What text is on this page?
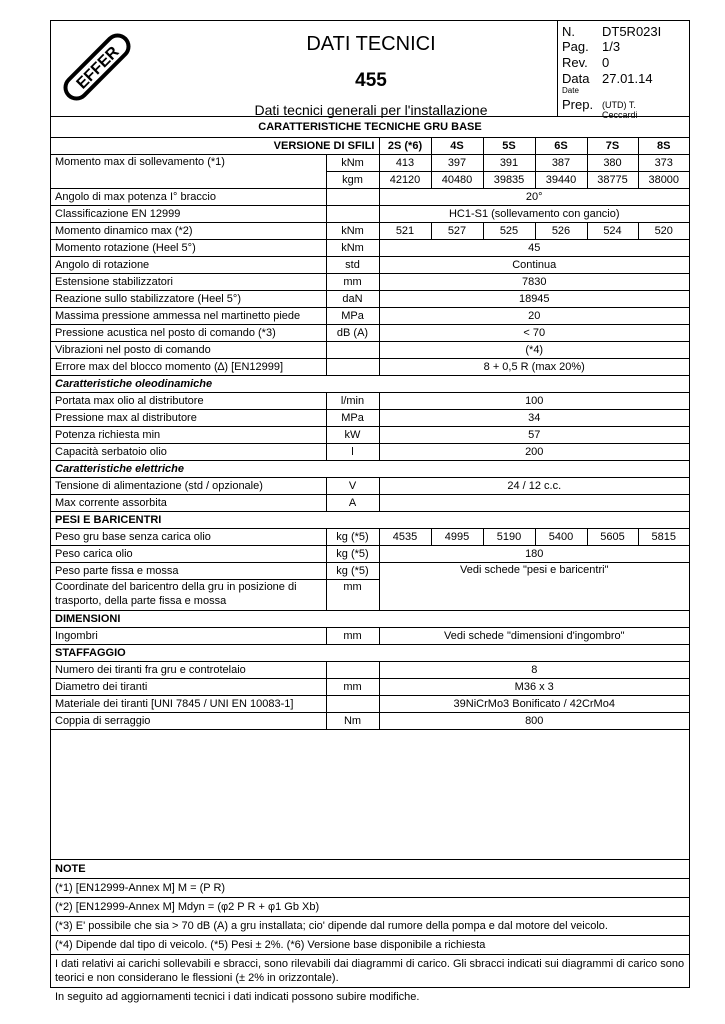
EFFER	DATI TECNICI
455
Dati tecnici generali per l'installazione
N. DT5R023I
Pag. 1/3
Rev. 0
Data 27.01.14
Date
Prep. (UTD) T. Ceccardi
CARATTERISTICHE TECNICHE GRU BASE							
VERSIONE DI SFILI		2S (*6)	4S	5S	6S	7S	8S
Momento max di sollevamento (*1)	kNm	413	397	391	387	380	373
	kgm	42120	40480	39835	39440	38775	38000
Angolo di max potenza I° braccio		20°					
Classificazione EN 12999		HC1-S1 (sollevamento con gancio)					
Momento dinamico max (*2)	kNm	521	527	525	526	524	520
Momento rotazione (Heel 5°)	kNm	45					
Angolo di rotazione	std	Continua					
Estensione stabilizzatori	mm	7830					
Reazione sullo stabilizzatore (Heel 5°)	daN	18945					
Massima pressione ammessa nel martinetto piede	MPa	20					
Pressione acustica nel posto di comando (*3)	dB (A)	< 70					
Vibrazioni nel posto di comando		(*4)					
Errore max del blocco momento (∆) [EN12999]		8 + 0,5 R (max 20%)					
Caratteristiche oleodinamiche							
Portata max olio al distributore	l/min	100					
Pressione max al distributore	MPa	34					
Potenza richiesta min	kW	57					
Capacità serbatoio olio	l	200					
Caratteristiche elettriche							
Tensione di alimentazione (std / opzionale)	V	24 / 12 c.c.					
Max corrente assorbita	A						
PESI E BARICENTRI							
Peso gru base senza carica olio	kg (*5)	4535	4995	5190	5400	5605	5815
Peso carica olio	kg (*5)	180					
Peso parte fissa e mossa	kg (*5)	Vedi schede "pesi e baricentri"					
Coordinate del baricentro della gru in posizione di
trasporto, della parte fissa e mossa	mm						
DIMENSIONI							
Ingombri	mm	Vedi schede "dimensioni d'ingombro"					
STAFFAGGIO							
Numero dei tiranti fra gru e controtelaio		8					
Diametro dei tiranti	mm	M36 x 3					
Materiale dei tiranti [UNI 7845 / UNI EN 10083-1]		39NiCrMo3 Bonificato / 42CrMo4					
Coppia di serraggio	Nm	800					
NOTE
(*1) [EN12999-Annex M] M = (P R)
(*2) [EN12999-Annex M] Mdyn = (φ2 P R + φ1 Gb Xb)
(*3) E' possibile che sia > 70 dB (A) a gru installata; cio' dipende dal rumore della pompa e dal motore del veicolo.
(*4) Dipende dal tipo di veicolo. (*5) Pesi ± 2%. (*6) Versione base disponibile a richiesta
I dati relativi ai carichi sollevabili e sbracci, sono rilevabili dai diagrammi di carico. Gli sbracci indicati sui diagrammi di carico sono teorici e non considerano le flessioni (± 2% in orizzontale).
In seguito ad aggiornamenti tecnici i dati indicati possono subire modifiche.
